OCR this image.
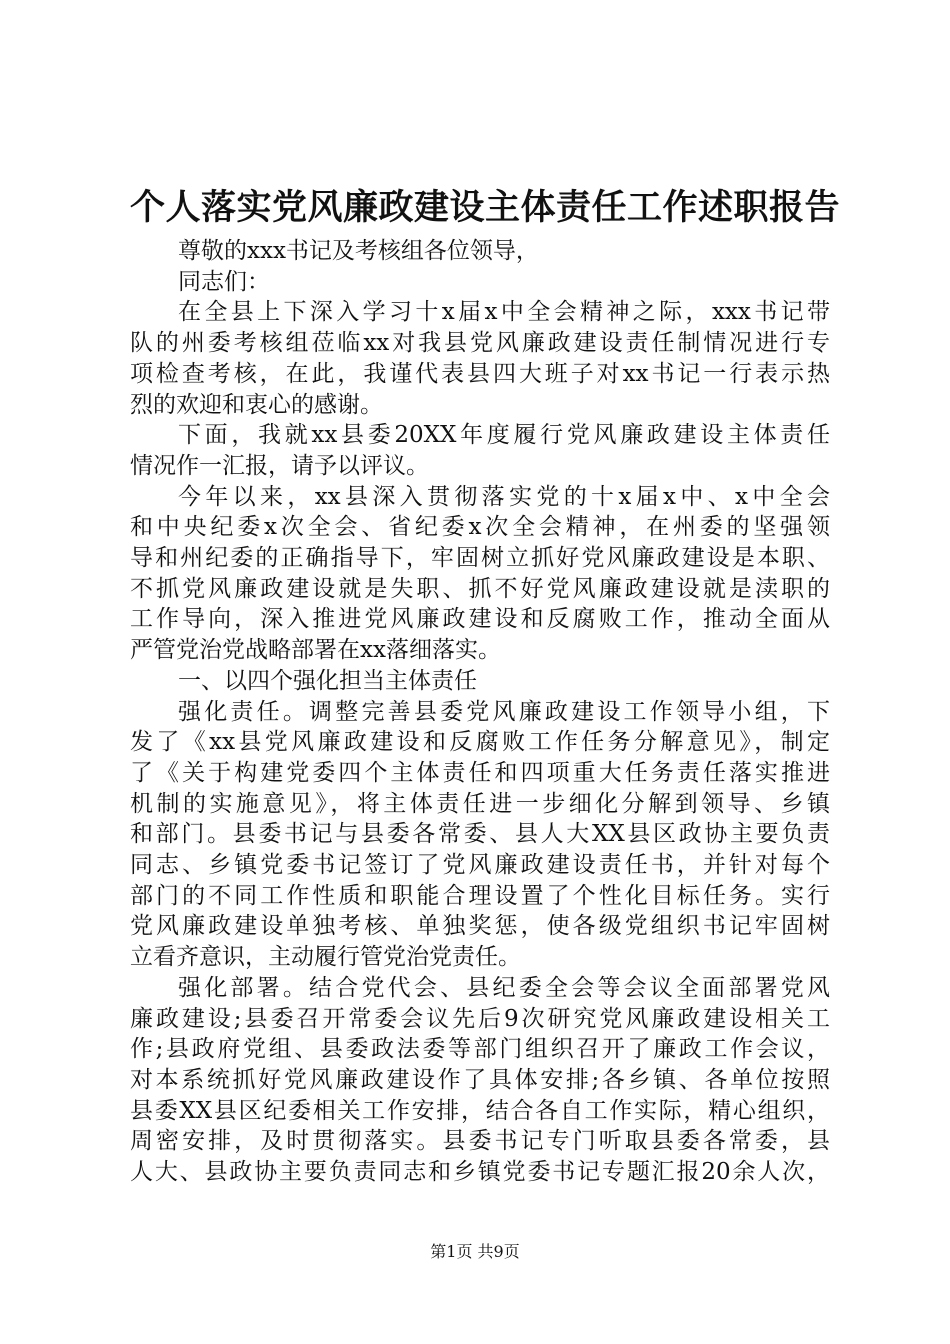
个人落实党风廉政建设主体责任工作述职报告
尊敬的xxx书记及考核组各位领导，
同志们：
在全县上下深入学习十x届x中全会精神之际，xxx书记带
队的州委考核组莅临xx对我县党风廉政建设责任制情况进行专
项检查考核，在此，我谨代表县四大班子对xx书记一行表示热
烈的欢迎和衷心的感谢。
下面，我就xx县委20XX年度履行党风廉政建设主体责任
情况作一汇报，请予以评议。
今年以来，xx县深入贯彻落实党的十x届x中、x中全会
和中央纪委x次全会、省纪委x次全会精神，在州委的坚强领
导和州纪委的正确指导下，牢固树立抓好党风廉政建设是本职、
不抓党风廉政建设就是失职、抓不好党风廉政建设就是渎职的
工作导向，深入推进党风廉政建设和反腐败工作，推动全面从
严管党治党战略部署在xx落细落实。
一、以四个强化担当主体责任
强化责任。调整完善县委党风廉政建设工作领导小组，下
发了《xx县党风廉政建设和反腐败工作任务分解意见》，制定
了《关于构建党委四个主体责任和四项重大任务责任落实推进
机制的实施意见》，将主体责任进一步细化分解到领导、乡镇
和部门。县委书记与县委各常委、县人大XX县区政协主要负责
同志、乡镇党委书记签订了党风廉政建设责任书，并针对每个
部门的不同工作性质和职能合理设置了个性化目标任务。实行
党风廉政建设单独考核、单独奖惩，使各级党组织书记牢固树
立看齐意识，主动履行管党治党责任。
强化部署。结合党代会、县纪委全会等会议全面部署党风
廉政建设;县委召开常委会议先后9次研究党风廉政建设相关工
作;县政府党组、县委政法委等部门组织召开了廉政工作会议，
对本系统抓好党风廉政建设作了具体安排;各乡镇、各单位按照
县委XX县区纪委相关工作安排，结合各自工作实际，精心组织，
周密安排，及时贯彻落实。县委书记专门听取县委各常委，县
人大、县政协主要负责同志和乡镇党委书记专题汇报20余人次，
第1页 共9页
